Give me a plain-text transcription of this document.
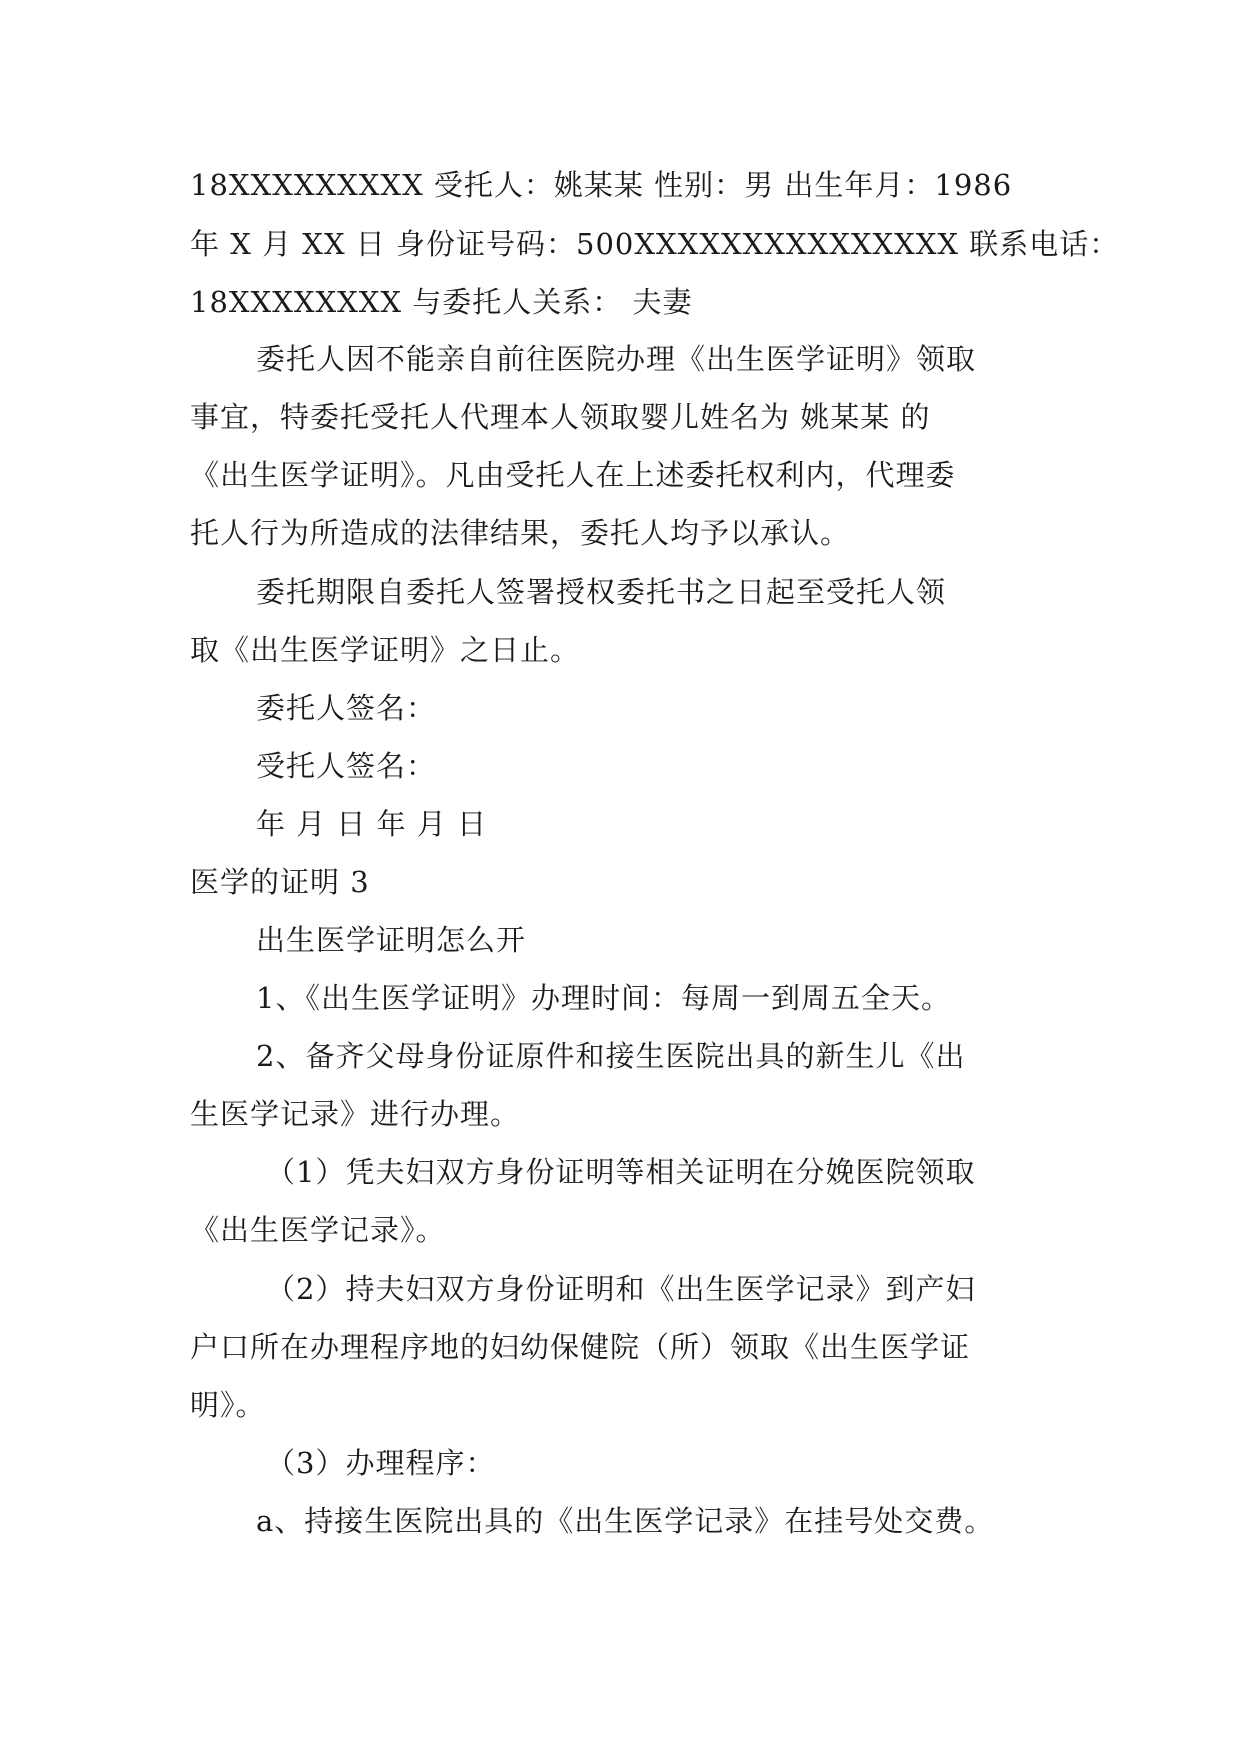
18XXXXXXXXX 受托人：姚某某 性别：男 出生年月：1986
年 X 月 XX 日 身份证号码：500XXXXXXXXXXXXXXX 联系电话：
18XXXXXXXX 与委托人关系： 夫妻
委托人因不能亲自前往医院办理《出生医学证明》领取
事宜，特委托受托人代理本人领取婴儿姓名为 姚某某 的
《出生医学证明》。凡由受托人在上述委托权利内，代理委
托人行为所造成的法律结果，委托人均予以承认。
委托期限自委托人签署授权委托书之日起至受托人领
取《出生医学证明》之日止。
委托人签名：
受托人签名：
年 月 日 年 月 日
医学的证明 3
出生医学证明怎么开
1、《出生医学证明》办理时间：每周一到周五全天。
2、备齐父母身份证原件和接生医院出具的新生儿《出
生医学记录》进行办理。
（1）凭夫妇双方身份证明等相关证明在分娩医院领取
《出生医学记录》。
（2）持夫妇双方身份证明和《出生医学记录》到产妇
户口所在办理程序地的妇幼保健院（所）领取《出生医学证
明》。
（3）办理程序：
a、持接生医院出具的《出生医学记录》在挂号处交费。
